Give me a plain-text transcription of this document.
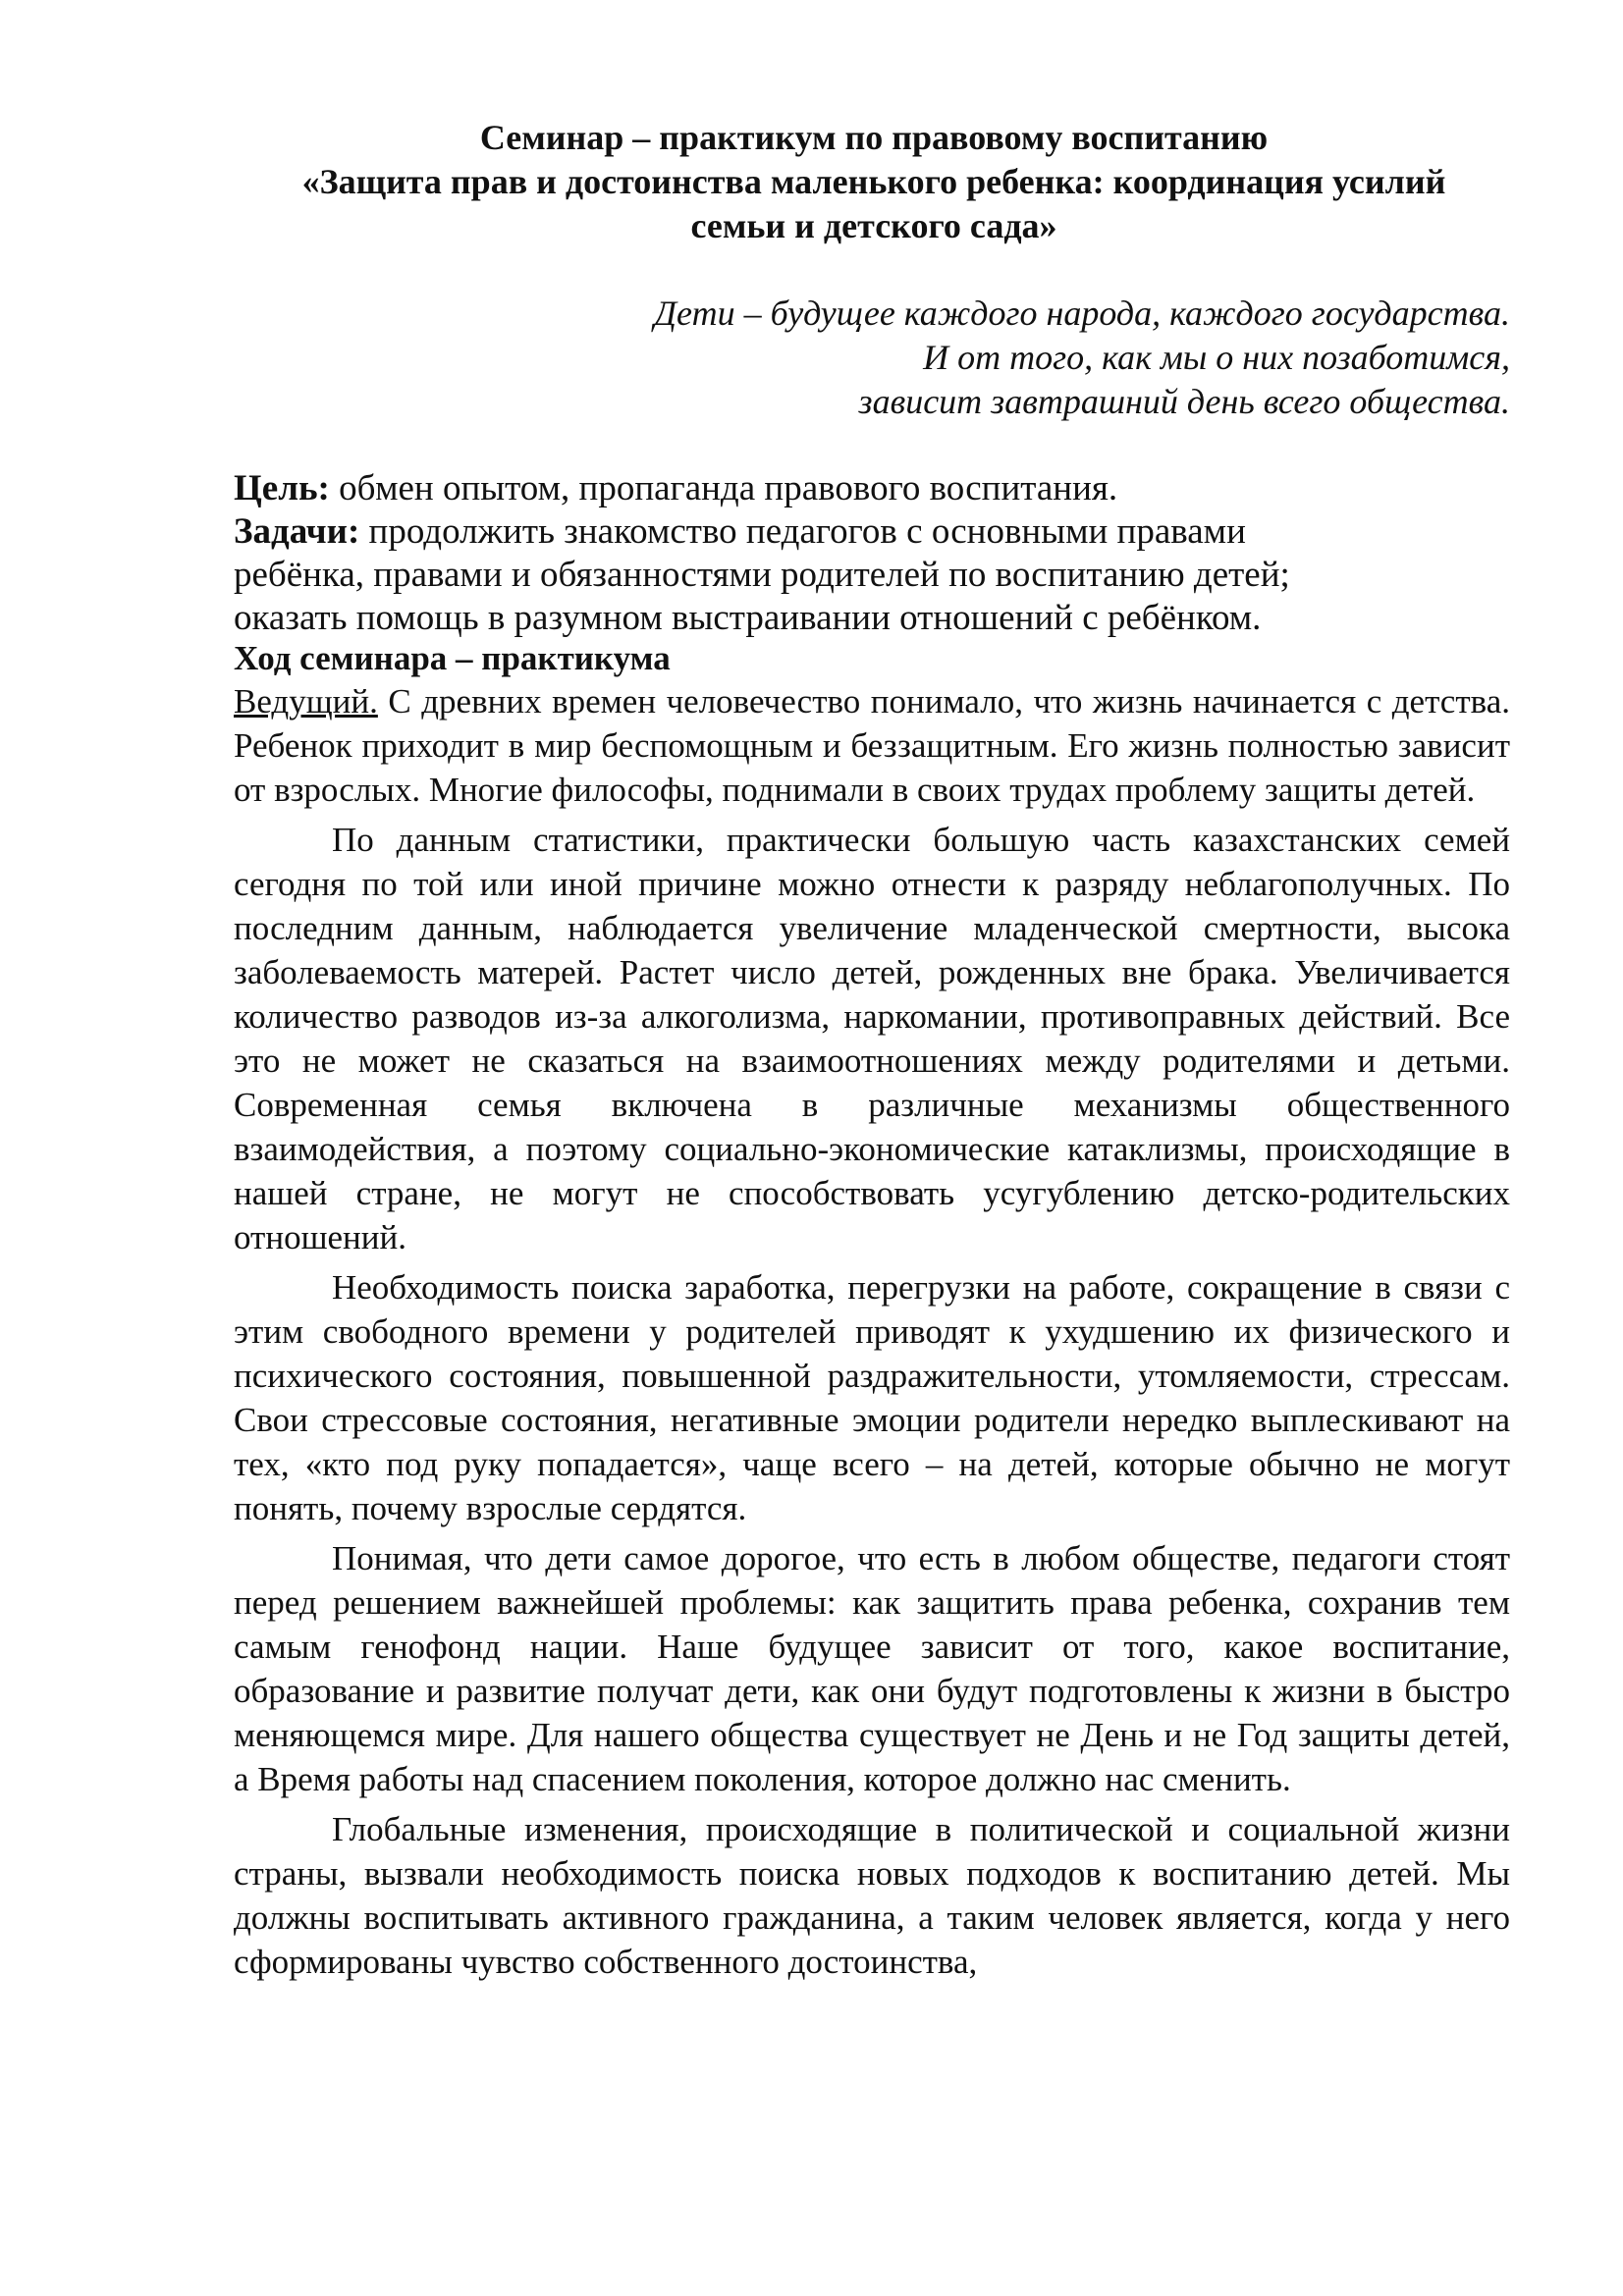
Семинар – практикум по правовому воспитанию
«Защита прав и достоинства маленького ребенка: координация усилий
семьи и детского сада»
Дети – будущее каждого народа, каждого государства.
И от того, как мы о них позаботимся,
зависит завтрашний день всего общества.
Цель: обмен опытом, пропаганда правового воспитания.
Задачи: продолжить знакомство педагогов с основными правами
ребёнка, правами и обязанностями родителей по воспитанию детей;
оказать помощь в разумном выстраивании отношений с ребёнком.
Ход семинара – практикума

Ведущий. С древних времен человечество понимало, что жизнь начинается с детства. Ребенок приходит в мир беспомощным и беззащитным. Его жизнь полностью зависит от взрослых. Многие философы, поднимали в своих трудах проблему защиты детей.

По данным статистики, практически большую часть казахстанских семей сегодня по той или иной причине можно отнести к разряду неблагополучных. По последним данным, наблюдается увеличение младенческой смертности, высока заболеваемость матерей. Растет число детей, рожденных вне брака. Увеличивается количество разводов из-за алкоголизма, наркомании, противоправных действий. Все это не может не сказаться на взаимоотношениях между родителями и детьми. Современная семья включена в различные механизмы общественного взаимодействия, а поэтому социально-экономические катаклизмы, происходящие в нашей стране, не могут не способствовать усугублению детско-родительских отношений.

Необходимость поиска заработка, перегрузки на работе, сокращение в связи с этим свободного времени у родителей приводят к ухудшению их физического и психического состояния, повышенной раздражительности, утомляемости, стрессам. Свои стрессовые состояния, негативные эмоции родители нередко выплескивают на тех, «кто под руку попадается», чаще всего – на детей, которые обычно не могут понять, почему взрослые сердятся.

Понимая, что дети самое дорогое, что есть в любом обществе, педагоги стоят перед решением важнейшей проблемы: как защитить права ребенка, сохранив тем самым генофонд нации. Наше будущее зависит от того, какое воспитание, образование и развитие получат дети, как они будут подготовлены к жизни в быстро меняющемся мире. Для нашего общества существует не День и не Год защиты детей, а Время работы над спасением поколения, которое должно нас сменить.

Глобальные изменения, происходящие в политической и социальной жизни страны, вызвали необходимость поиска новых подходов к воспитанию детей. Мы должны воспитывать активного гражданина, а таким человек является, когда у него сформированы чувство собственного достоинства,
